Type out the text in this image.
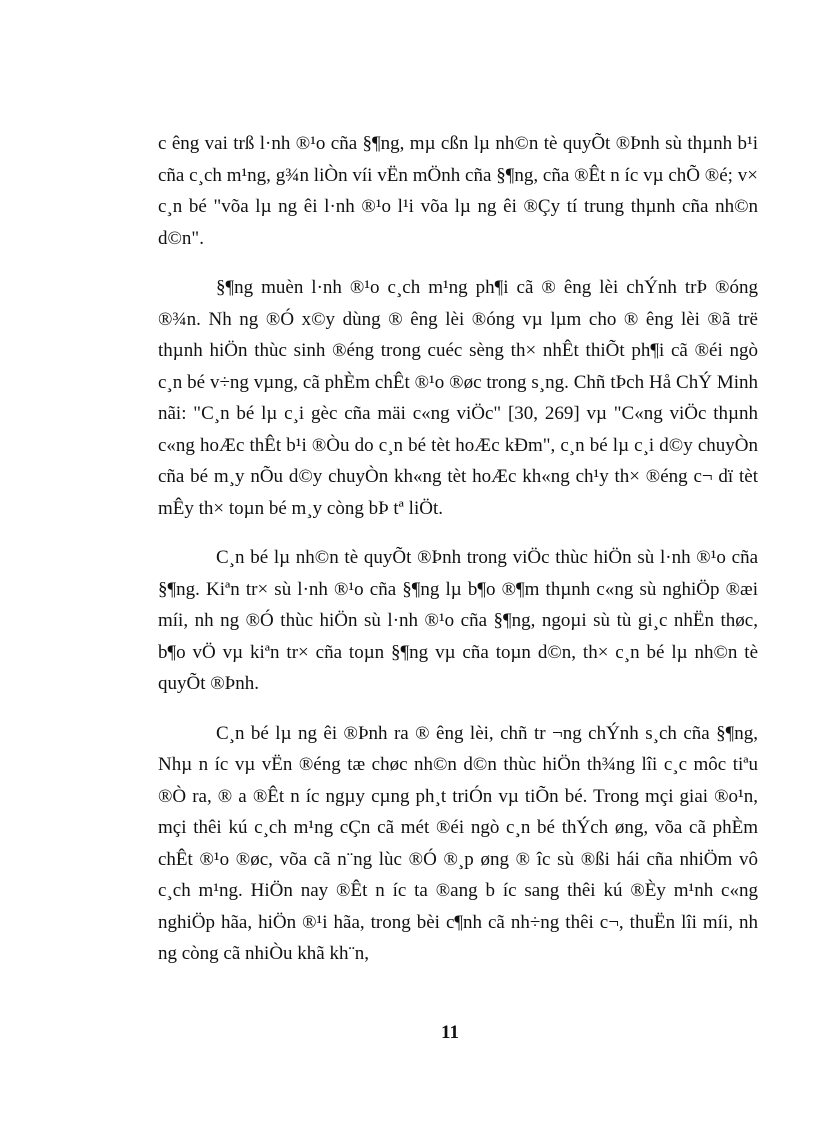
c êng vai trß l·nh ®¹o cña §¶ng, mµ cßn lµ nh©n tè quyÕt ®Þnh sù thµnh b¹i cña c¸ch m¹ng, g¾n liÒn víi vËn mÖnh cña §¶ng, cña ®Êt n íc vµ chÕ ®é; v× c¸n bé "võa lµ ng êi l·nh ®¹o l¹i võa lµ ng êi ®Çy tí trung thµnh cña nh©n d©n".

§¶ng muèn l·nh ®¹o c¸ch m¹ng ph¶i cã ® êng lèi chÝnh trÞ ®óng ®¾n. Nh ng ®Ó x©y dùng ® êng lèi ®óng vµ lµm cho ® êng lèi ®ã trë thµnh hiÖn thùc sinh ®éng trong cuéc sèng th× nhÊt thiÕt ph¶i cã ®éi ngò c¸n bé v÷ng vµng, cã phÈm chÊt ®¹o ®øc trong s¸ng. Chñ tÞch Hå ChÝ Minh nãi: "C¸n bé lµ c¸i gèc cña mäi c«ng viÖc" [30, 269] vµ "C«ng viÖc thµnh c«ng hoÆc thÊt b¹i ®Òu do c¸n bé tèt hoÆc kÐm", c¸n bé lµ c¸i d©y chuyÒn cña bé m¸y nÕu d©y chuyÒn kh«ng tèt hoÆc kh«ng ch¹y th× ®éng c¬ dï tèt mÊy th× toµn bé m¸y còng bÞ tª liÖt.

C¸n bé lµ nh©n tè quyÕt ®Þnh trong viÖc thùc hiÖn sù l·nh ®¹o cña §¶ng. Kiªn tr× sù l·nh ®¹o cña §¶ng lµ b¶o ®¶m thµnh c«ng sù nghiÖp ®æi míi, nh ng ®Ó thùc hiÖn sù l·nh ®¹o cña §¶ng, ngoµi sù tù gi¸c nhËn thøc, b¶o vÖ vµ kiªn tr× cña toµn §¶ng vµ cña toµn d©n, th× c¸n bé lµ nh©n tè quyÕt ®Þnh.

C¸n bé lµ ng êi ®Þnh ra ® êng lèi, chñ tr ¬ng chÝnh s¸ch cña §¶ng, Nhµ n íc vµ vËn ®éng tæ chøc nh©n d©n thùc hiÖn th¾ng lîi c¸c môc tiªu ®Ò ra, ® a ®Êt n íc ngµy cµng ph¸t triÓn vµ tiÕn bé. Trong mçi giai ®o¹n, mçi thêi kú c¸ch m¹ng cÇn cã mét ®éi ngò c¸n bé thÝch øng, võa cã phÈm chÊt ®¹o ®øc, võa cã n¨ng lùc ®Ó ®¸p øng ® îc sù ®ßi hái cña nhiÖm vô c¸ch m¹ng. HiÖn nay ®Êt n íc ta ®ang b íc sang thêi kú ®Èy m¹nh c«ng nghiÖp hãa, hiÖn ®¹i hãa, trong bèi c¶nh cã nh÷ng thêi c¬, thuËn lîi míi, nh ng còng cã nhiÒu khã kh¨n,

11
